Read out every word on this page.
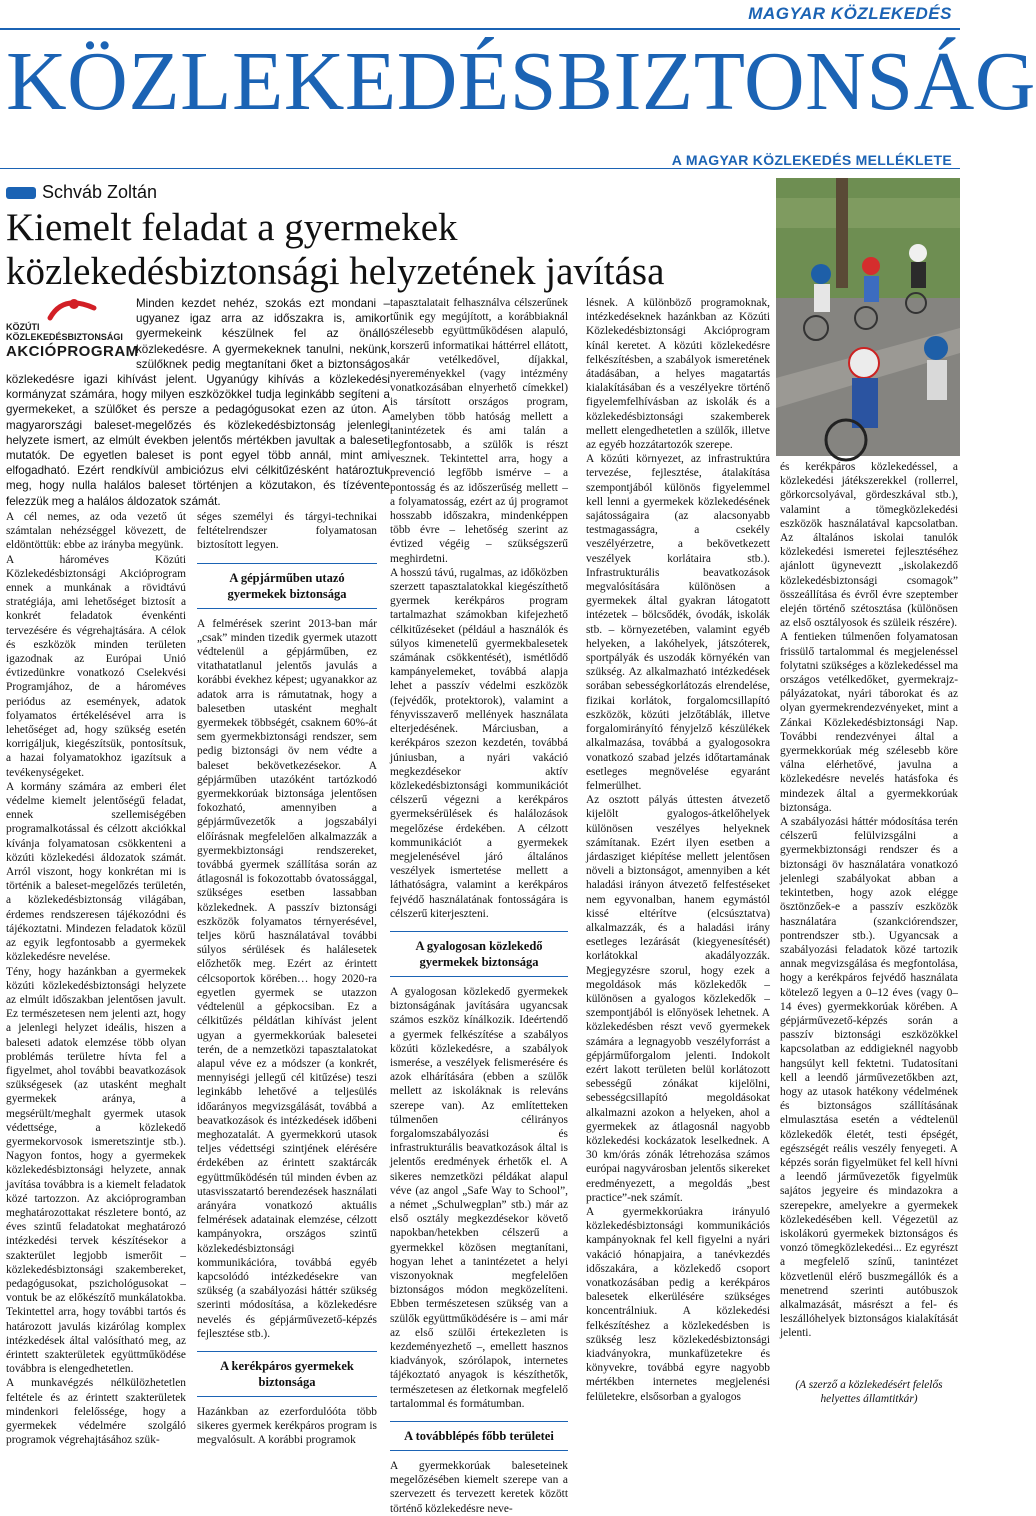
MAGYAR KÖZLEKEDÉS
KÖZLEKEDÉSBIZTONSÁG
A MAGYAR KÖZLEKEDÉS MELLÉKLETE
Schváb Zoltán
Kiemelt feladat a gyermekek
közlekedésbiztonsági helyzetének javítása
KÖZÚTI
KÖZLEKEDÉSBIZTONSÁGI
AKCIÓPROGRAM
Minden kezdet nehéz, szokás ezt mondani – ugyanez igaz arra az időszakra is, amikor gyermekeink készülnek fel az önálló közlekedésre. A gyermekeknek tanulni, nekünk, szülőknek pedig megtanítani őket a biztonságos közlekedésre igazi kihívást jelent. Ugyanúgy kihívás a közlekedési kormányzat számára, hogy milyen eszközökkel tudja leginkább segíteni a gyermekeket, a szülőket és persze a pedagógusokat ezen az úton. A magyarországi baleset-megelőzés és közlekedésbiztonság jelenlegi helyzete ismert, az elmúlt években jelentős mértékben javultak a baleseti mutatók. De egyetlen baleset is pont egyel több annál, mint ami elfogadható. Ezért rendkívül ambiciózus elvi célkitűzésként határoztuk meg, hogy nulla halálos baleset történjen a közutakon, és tízévente felezzük meg a halálos áldozatok számát.

A cél nemes, az oda vezető út számtalan nehézséggel kövezett, de eldöntöttük: ebbe az irányba megyünk.

A hároméves Közúti Közlekedésbiztonsági Akcióprogram ennek a munkának a rövidtávú stratégiája, ami lehetőséget biztosít a konkrét feladatok évenkénti tervezésére és végrehajtására. A célok és eszközök minden területen igazodnak az Európai Unió évtizedünkre vonatkozó Cselekvési Programjához, de a hároméves periódus az események, adatok folyamatos értékelésével arra is lehetőséget ad, hogy szükség esetén korrigáljuk, kiegészítsük, pontosítsuk, a hazai folyamatokhoz igazítsuk a tevékenységeket.

A kormány számára az emberi élet védelme kiemelt jelentőségű feladat, ennek szellemiségében programalkotással és célzott akciókkal kívánja folyamatosan csökkenteni a közúti közlekedési áldozatok számát. Arról viszont, hogy konkrétan mi is történik a baleset-megelőzés területén, a közlekedésbiztonság világában, érdemes rendszeresen tájékozódni és tájékoztatni. Mindezen feladatok közül az egyik legfontosabb a gyermekek közlekedésre nevelése.

Tény, hogy hazánkban a gyermekek közúti közlekedésbiztonsági helyzete az elmúlt időszakban jelentősen javult. Ez természetesen nem jelenti azt, hogy a jelenlegi helyzet ideális, hiszen a baleseti adatok elemzése több olyan problémás területre hívta fel a figyelmet, ahol további beavatkozások szükségesek (az utasként meghalt gyermekek aránya, a megsérült/meghalt gyermek utasok védettsége, a közlekedő gyermekorvosok ismeretszintje stb.). Nagyon fontos, hogy a gyermekek közlekedésbiztonsági helyzete, annak javítása továbbra is a kiemelt feladatok közé tartozzon. Az akcióprogramban meghatározottakat részletere bontó, az éves szintű feladatokat meghatározó intézkedési tervek készítésekor a szakterület legjobb ismerőit – közlekedésbiztonsági szakembereket, pedagógusokat, pszichológusokat – vontuk be az előkészítő munkálatokba. Tekintettel arra, hogy további tartós és határozott javulás kizárólag komplex intézkedések által valósítható meg, az érintett szakterületek együttműködése továbbra is elengedhetetlen.

A munkavégzés nélkülözhetetlen feltétele és az érintett szakterületek mindenkori felelőssége, hogy a gyermekek védelmére szolgáló programok végrehajtásához szük-

séges személyi és tárgyi-technikai feltételrendszer folyamatosan biztosított legyen.

A gépjárműben utazó gyermekek biztonsága

A felmérések szerint 2013-ban már „csak” minden tizedik gyermek utazott védtelenül a gépjárműben, ez vitathatatlanul jelentős javulás a korábbi évekhez képest; ugyanakkor az adatok arra is rámutatnak, hogy a balesetben utasként meghalt gyermekek többségét, csaknem 60%-át sem gyermekbiztonsági rendszer, sem pedig biztonsági öv nem védte a baleset bekövetkezésekor. A gépjárműben utazóként tartózkodó gyermekkorúak biztonsága jelentősen fokozható, amennyiben a gépjárművezetők a jogszabályi előírásnak megfelelően alkalmazzák a gyermekbiztonsági rendszereket, továbbá gyermek szállítása során az átlagosnál is fokozottabb óvatossággal, szükséges esetben lassabban közlekednek. A passzív biztonsági eszközök folyamatos térnyerésével, teljes körű használatával további súlyos sérülések és halálesetek előzhetők meg. Ezért az érintett célcsoportok körében… hogy 2020-ra egyetlen gyermek se utazzon védtelenül a gépkocsiban. Ez a célkitűzés példátlan kihívást jelent ugyan a gyermekkorúak balesetei terén, de a nemzetközi tapasztalatokat alapul véve ez a módszer (a konkrét, mennyiségi jellegű cél kitűzése) teszi leginkább lehetővé a teljesülés időarányos megvizsgálását, továbbá a beavatkozások és intézkedések időbeni meghozatalát. A gyermekkorú utasok teljes védettségi szintjének elérésére érdekében az érintett szaktárcák együttműködésén túl minden évben az utasvisszatartó berendezések használati arányára vonatkozó aktuális felmérések adatainak elemzése, célzott kampányokra, országos szintű közlekedésbiztonsági kommunikációra, továbbá egyéb kapcsolódó intézkedésekre van szükség (a szabályozási háttér szükség szerinti módosítása, a közlekedésre nevelés és gépjárművezető-képzés fejlesztése stb.).

A kerékpáros gyermekek biztonsága

Hazánkban az ezerfordulóóta több sikeres gyermek kerékpáros program is megvalósult. A korábbi programok

tapasztalatait felhasználva célszerűnek tűnik egy megújított, a korábbiaknál szélesebb együttműködésen alapuló, korszerű informatikai háttérrel ellátott, akár vetélkedővel, díjakkal, nyereményekkel (vagy intézmény vonatkozásában elnyerhető címekkel) is társított országos program, amelyben több hatóság mellett a tanintézetek és ami talán a legfontosabb, a szülők is részt vesznek. Tekintettel arra, hogy a prevenció legfőbb ismérve – a pontosság és az időszerűség mellett – a folyamatosság, ezért az új programot hosszabb időszakra, mindenképpen több évre – lehetőség szerint az évtized végéig – szükségszerű meghirdetni.

A hosszú távú, rugalmas, az időközben szerzett tapasztalatokkal kiegészíthető gyermek kerékpáros program tartalmazhat számokban kifejezhető célkitűzéseket (például a használók és súlyos kimenetelű gyermekbalesetek számának csökkentését), ismétlődő kampányelemeket, továbbá alapja lehet a passzív védelmi eszközök (fejvédők, protektorok), valamint a fényvisszaverő mellények használata elterjedésének. Márciusban, a kerékpáros szezon kezdetén, továbbá júniusban, a nyári vakáció megkezdésekor aktív közlekedésbiztonsági kommunikációt célszerű végezni a kerékpáros gyermeksérülések és halálozások megelőzése érdekében. A célzott kommunikációt a gyermekek megjelenésével járó általános veszélyek ismertetése mellett a láthatóságra, valamint a kerékpáros fejvédő használatának fontosságára is célszerű kiterjeszteni.

A gyalogosan közlekedő gyermekek biztonsága

A gyalogosan közlekedő gyermekek biztonságának javítására ugyancsak számos eszköz kínálkozik. Ideértendő a gyermek felkészítése a szabályos közúti közlekedésre, a szabályok ismerése, a veszélyek felismerésére és azok elhárítására (ebben a szülők mellett az iskoláknak is releváns szerepe van). Az említetteken túlmenően célirányos forgalomszabályozási és infrastrukturális beavatkozások által is jelentős eredmények érhetők el. A sikeres nemzetközi példákat alapul véve (az angol „Safe Way to School”, a német „Schulwegplan” stb.) már az első osztály megkezdésekor követő napokban/hetekben célszerű a gyermekkel közösen megtanítani, hogyan lehet a tanintézetet a helyi viszonyoknak megfelelően biztonságos módon megközelíteni. Ebben természetesen szükség van a szülők együttműködésére is – ami már az első szülői értekezleten is kezdeményezhető –, emellett hasznos kiadványok, szórólapok, internetes tájékoztató anyagok is készíthetők, természetesen az életkornak megfelelő tartalommal és formátumban.

A továbblépés főbb területei

A gyermekkorúak baleseteinek megelőzésében kiemelt szerepe van a szervezett és tervezett keretek között történő közlekedésre neve-

lésnek. A különböző programoknak, intézkedéseknek hazánkban az Közúti Közlekedésbiztonsági Akcióprogram kínál keretet. A közúti közlekedésre felkészítésben, a szabályok ismeretének átadásában, a helyes magatartás kialakításában és a veszélyekre történő figyelemfelhívásban az iskolák és a közlekedésbiztonsági szakemberek mellett elengedhetetlen a szülők, illetve az egyéb hozzátartozók szerepe.

A közúti környezet, az infrastruktúra tervezése, fejlesztése, átalakítása szempontjából különös figyelemmel kell lenni a gyermekek közlekedésének sajátosságaira (az alacsonyabb testmagasságra, a csekély veszélyérzetre, a bekövetkezett veszélyek korlátaira stb.). Infrastrukturális beavatkozások megvalósítására különösen a gyermekek által gyakran látogatott intézetek – bölcsődék, óvodák, iskolák stb. – környezetében, valamint egyéb helyeken, a lakóhelyek, játszóterek, sportpályák és uszodák környékén van szükség. Az alkalmazható intézkedések sorában sebességkorlátozás elrendelése, fizikai korlátok, forgalomcsillapító eszközök, közúti jelzőtáblák, illetve forgalomirányító fényjelző készülékek alkalmazása, továbbá a gyalogosokra vonatkozó szabad jelzés időtartamának esetleges megnövelése egyaránt felmerülhet.

Az osztott pályás úttesten átvezető kijelölt gyalogos-átkelőhelyek különösen veszélyes helyeknek számítanak. Ezért ilyen esetben a járdasziget kiépítése mellett jelentősen növeli a biztonságot, amennyiben a két haladási irányon átvezető felfestéseket nem egyvonalban, hanem egymástól kissé eltérítve (elcsúsztatva) alkalmazzák, és a haladási irány esetleges lezárását (kiegyenesítését) korlátokkal akadályozzák. Megjegyzésre szorul, hogy ezek a megoldások más közlekedők – különösen a gyalogos közlekedők – szempontjából is előnyösek lehetnek. A közlekedésben részt vevő gyermekek számára a legnagyobb veszélyforrást a gépjárműforgalom jelenti. Indokolt ezért lakott területen belül korlátozott sebességű zónákat kijelölni, sebességcsillapító megoldásokat alkalmazni azokon a helyeken, ahol a gyermekek az átlagosnál nagyobb közlekedési kockázatok leselkednek. A 30 km/órás zónák létrehozása számos európai nagyvárosban jelentős sikereket eredményezett, a megoldás „best practice”-nek számít.

A gyermekkorúakra irányuló közlekedésbiztonsági kommunikációs kampányoknak fel kell figyelni a nyári vakáció hónapjaira, a tanévkezdés időszakára, a közlekedő csoport vonatkozásában pedig a kerékpáros balesetek elkerülésére szükséges koncentrálniuk. A közlekedési felkészítéshez a közlekedésben is szükség lesz közlekedésbiztonsági kiadványokra, munkafüzetekre és könyvekre, továbbá egyre nagyobb mértékben internetes megjelenési felületekre, elsősorban a gyalogos

és kerékpáros közlekedéssel, a közlekedési játékszerekkel (rollerrel, görkorcsolyával, gördeszkával stb.), valamint a tömegközlekedési eszközök használatával kapcsolatban. Az általános iskolai tanulók közlekedési ismeretei fejlesztéséhez ajánlott ügyneveztt „iskolakezdő közlekedésbiztonsági csomagok” összeállítása és évről évre szeptember elején történő szétosztása (különösen az első osztályosok és szüleik részére).

A fentieken túlmenően folyamatosan frissülő tartalommal és megjelenéssel folytatni szükséges a közlekedéssel ma országos vetélkedőket, gyermekrajz-pályázatokat, nyári táborokat és az olyan gyermekrendezvényeket, mint a Zánkai Közlekedésbiztonsági Nap. További rendezvényei által a gyermekkorúak még szélesebb köre válna elérhetővé, javulna a közlekedésre nevelés hatásfoka és mindezek által a gyermekkorúak biztonsága.

A szabályozási háttér módosítása terén célszerű felülvizsgálni a gyermekbiztonsági rendszer és a biztonsági öv használatára vonatkozó jelenlegi szabályokat abban a tekintetben, hogy azok elégge ösztönzőek-e a passzív eszközök használatára (szankciórendszer, pontrendszer stb.). Ugyancsak a szabályozási feladatok közé tartozik annak megvizsgálása és megfontolása, hogy a kerékpáros fejvédő használata kötelező legyen a 0–12 éves (vagy 0–14 éves) gyermekkorúak körében. A gépjárművezető-képzés során a passzív biztonsági eszközökkel kapcsolatban az eddigieknél nagyobb hangsúlyt kell fektetni. Tudatosítani kell a leendő járművezetőkben azt, hogy az utasok hatékony védelmének és biztonságos szállításának elmulasztása esetén a védtelenül közlekedők életét, testi épségét, egészségét reális veszély fenyegeti. A képzés során figyelmüket fel kell hívni a leendő járművezetők figyelmük sajátos jegyeire és mindazokra a szerepekre, amelyekre a gyermekek közlekedésében kell. Végezetül az iskolákorú gyermekek biztonságos és vonzó tömegközlekedési... Ez egyrészt a megfelelő színű, tanintézet közvetlenül elérő buszmegállók és a menetrend szerinti autóbuszok alkalmazását, másrészt a fel- és leszállóhelyek biztonságos kialakítását jelenti.

(A szerző a közlekedésért felelős helyettes államtitkár)
